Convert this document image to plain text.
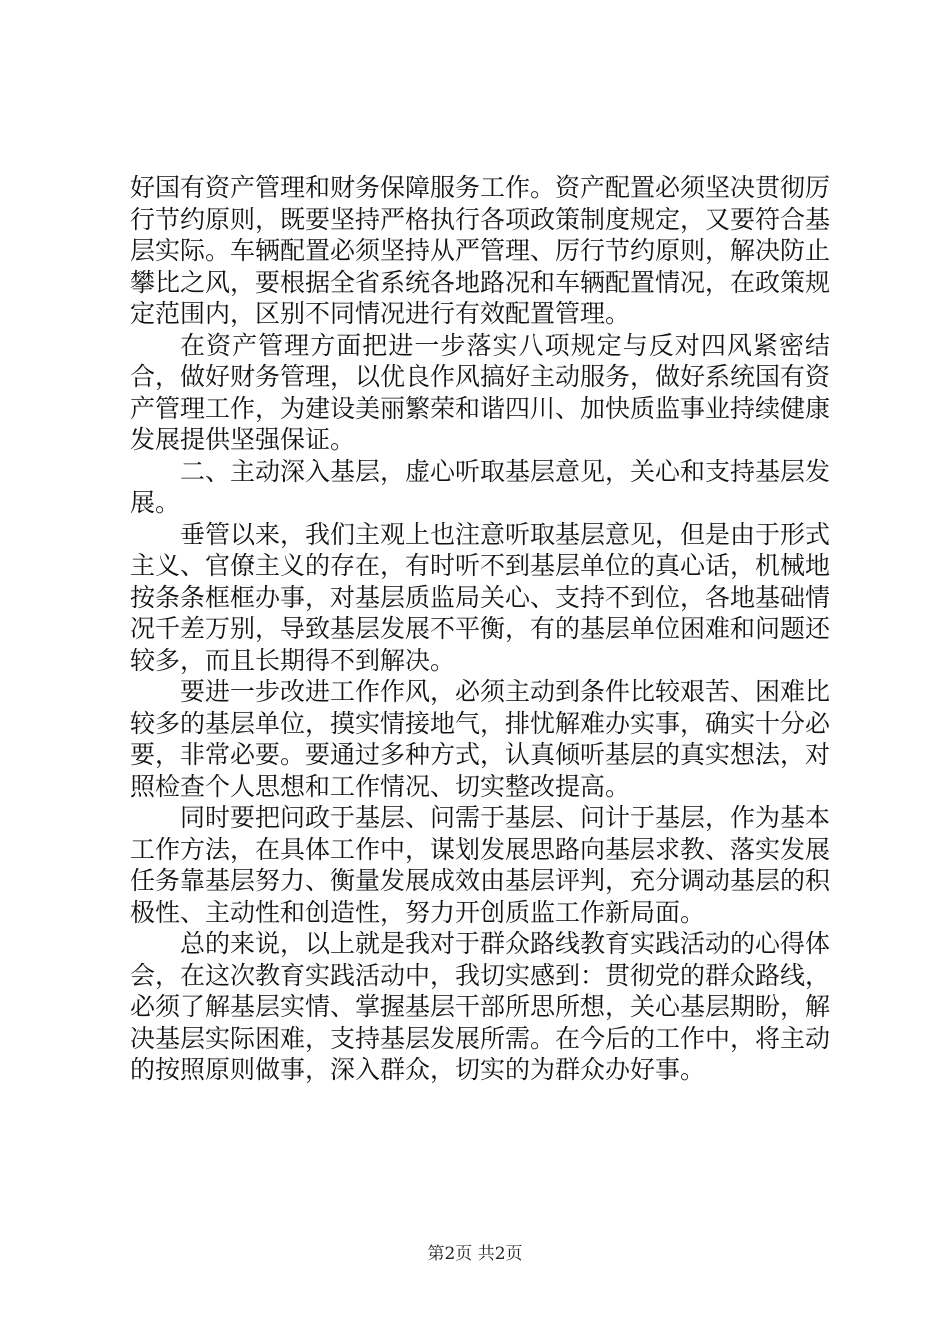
好国有资产管理和财务保障服务工作。资产配置必须坚决贯彻厉行节约原则，既要坚持严格执行各项政策制度规定，又要符合基层实际。车辆配置必须坚持从严管理、厉行节约原则，解决防止攀比之风，要根据全省系统各地路况和车辆配置情况，在政策规定范围内，区别不同情况进行有效配置管理。

在资产管理方面把进一步落实八项规定与反对四风紧密结合，做好财务管理，以优良作风搞好主动服务，做好系统国有资产管理工作，为建设美丽繁荣和谐四川、加快质监事业持续健康发展提供坚强保证。

二、主动深入基层，虚心听取基层意见，关心和支持基层发展。

垂管以来，我们主观上也注意听取基层意见，但是由于形式主义、官僚主义的存在，有时听不到基层单位的真心话，机械地按条条框框办事，对基层质监局关心、支持不到位，各地基础情况千差万别，导致基层发展不平衡，有的基层单位困难和问题还较多，而且长期得不到解决。

要进一步改进工作作风，必须主动到条件比较艰苦、困难比较多的基层单位，摸实情接地气，排忧解难办实事，确实十分必要，非常必要。要通过多种方式，认真倾听基层的真实想法，对照检查个人思想和工作情况、切实整改提高。

同时要把问政于基层、问需于基层、问计于基层，作为基本工作方法，在具体工作中，谋划发展思路向基层求教、落实发展任务靠基层努力、衡量发展成效由基层评判，充分调动基层的积极性、主动性和创造性，努力开创质监工作新局面。

总的来说，以上就是我对于群众路线教育实践活动的心得体会，在这次教育实践活动中，我切实感到：贯彻党的群众路线，必须了解基层实情、掌握基层干部所思所想，关心基层期盼，解决基层实际困难，支持基层发展所需。在今后的工作中，将主动的按照原则做事，深入群众，切实的为群众办好事。

第2页 共2页
